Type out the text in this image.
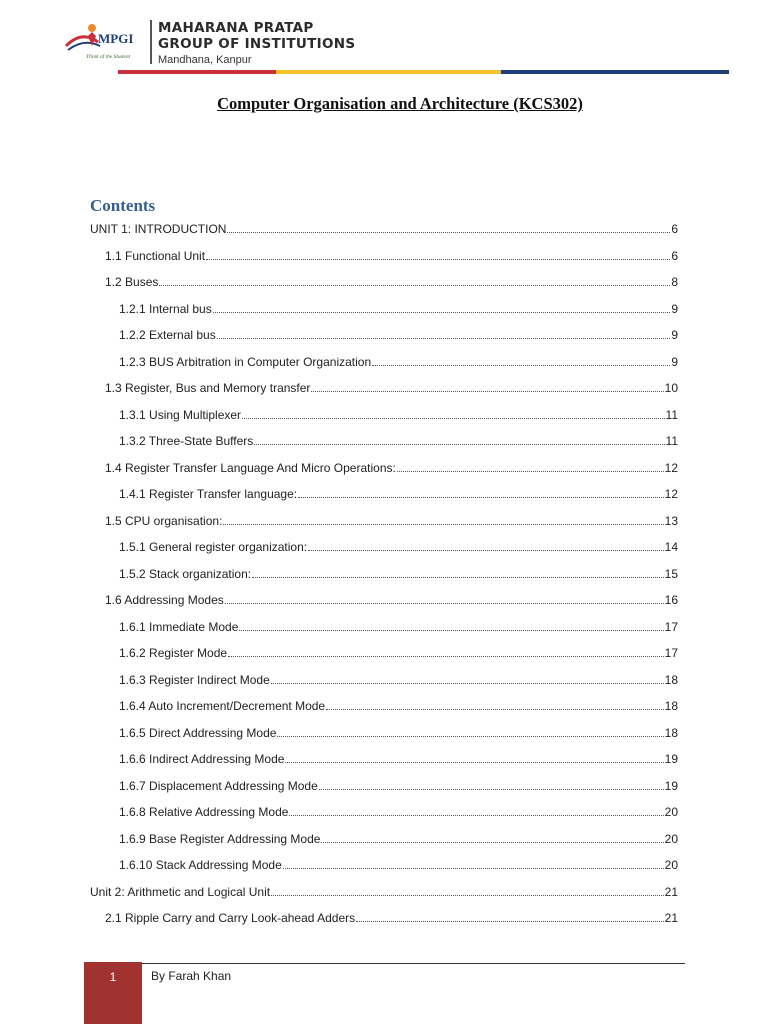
MPGI
Think of the Student
MAHARANA PRATAP
GROUP OF INSTITUTIONS
Mandhana, Kanpur
Computer Organisation and Architecture (KCS302)
Contents
UNIT 1: INTRODUCTION	6
1.1 Functional Unit	6
1.2 Buses	8
1.2.1 Internal bus	9
1.2.2 External bus	9
1.2.3 BUS Arbitration in Computer Organization	9
1.3 Register, Bus and Memory transfer	10
1.3.1 Using Multiplexer	11
1.3.2 Three-State Buffers	11
1.4 Register Transfer Language And Micro Operations:	12
1.4.1 Register Transfer language:	12
1.5 CPU organisation:	13
1.5.1 General register organization:	14
1.5.2 Stack organization:	15
1.6 Addressing Modes	16
1.6.1 Immediate Mode	17
1.6.2 Register Mode	17
1.6.3 Register Indirect Mode	18
1.6.4 Auto Increment/Decrement Mode	18
1.6.5 Direct Addressing Mode	18
1.6.6 Indirect Addressing Mode	19
1.6.7 Displacement Addressing Mode	19
1.6.8 Relative Addressing Mode	20
1.6.9 Base Register Addressing Mode	20
1.6.10 Stack Addressing Mode	20
Unit 2: Arithmetic and Logical Unit	21
2.1 Ripple Carry and Carry Look-ahead Adders	21
1	By Farah Khan
